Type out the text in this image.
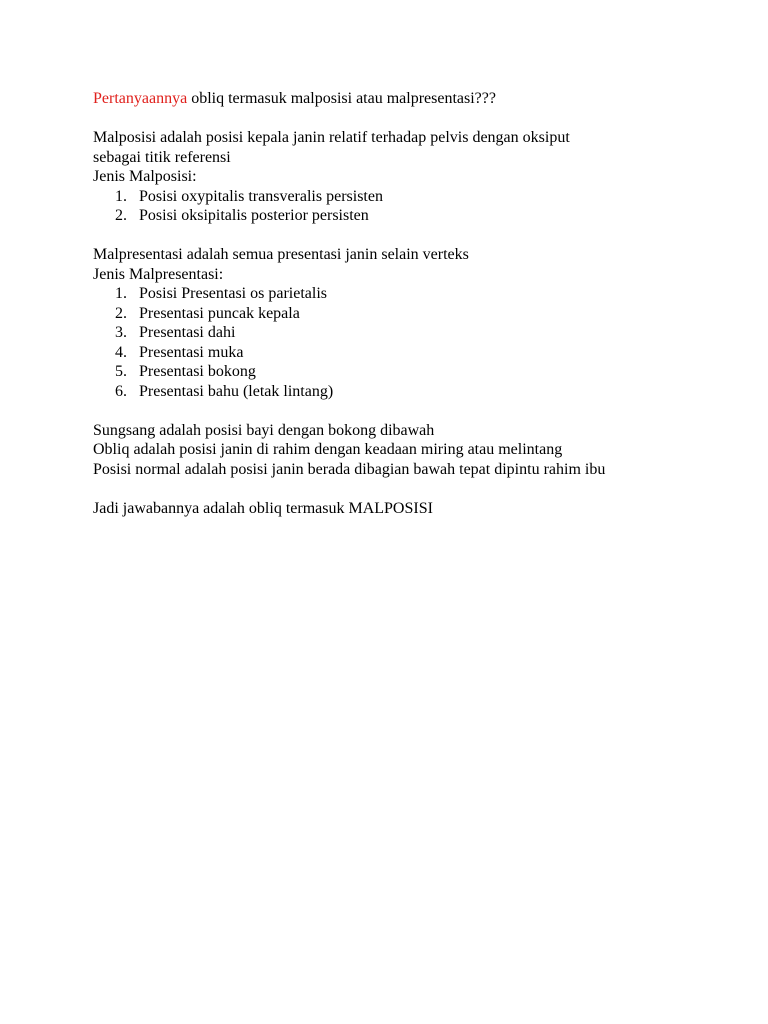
Pertanyaannya obliq termasuk malposisi atau malpresentasi???

Malposisi adalah posisi kepala janin relatif terhadap pelvis dengan oksiput

sebagai titik referensi

Jenis Malposisi:

1. Posisi oxypitalis transveralis persisten
2. Posisi oksipitalis posterior persisten

Malpresentasi adalah semua presentasi janin selain verteks

Jenis Malpresentasi:

1. Posisi Presentasi os parietalis
2. Presentasi puncak kepala
3. Presentasi dahi
4. Presentasi muka
5. Presentasi bokong
6. Presentasi bahu (letak lintang)

Sungsang adalah posisi bayi dengan bokong dibawah

Obliq adalah posisi janin di rahim dengan keadaan miring atau melintang

Posisi normal adalah posisi janin berada dibagian bawah tepat dipintu rahim ibu

Jadi jawabannya adalah obliq termasuk MALPOSISI
